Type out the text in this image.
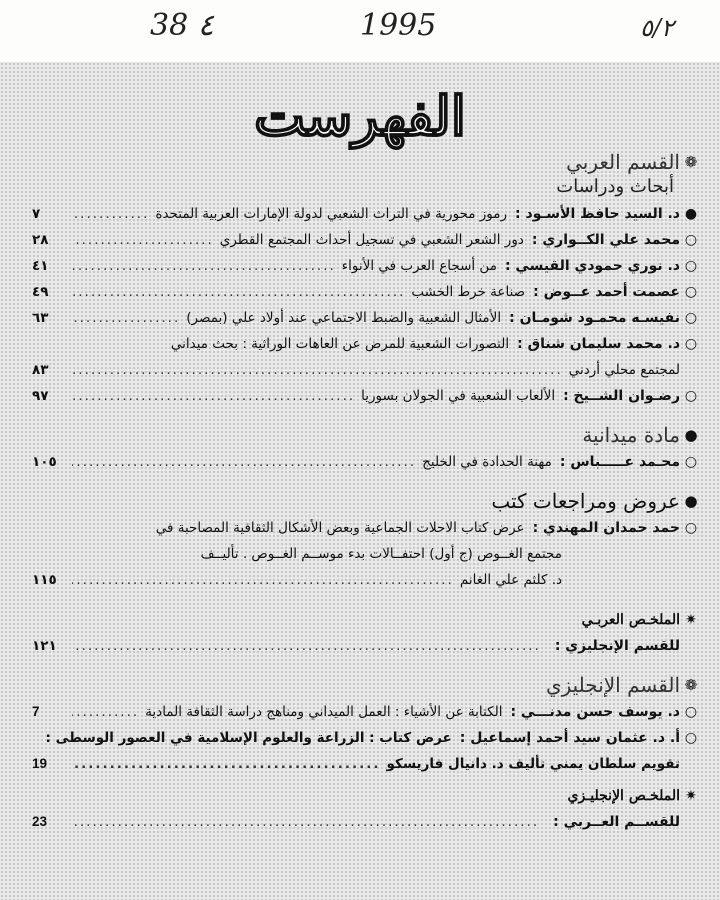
38 ٤	1995	٥/٢
الفهرست
❁
القسم العربي
أبحاث ودراسات
●
د. السيد حافظ الأسـود :
رموز محورية في التراث الشعبي لدولة الإمارات العربية المتحدة
.....
٧
○
محمد علي الكــواري :
دور الشعر الشعبي في تسجيل أحداث المجتمع القطري
.....
٢٨
○
د. نوري حمودي القيسي :
من أسجاع العرب في الأنواء
.....
٤١
○
عصمت أحمد عــوض :
صناعة خرط الخشب
.....
٤٩
○
نفيسـه محمـود شومـان :
الأمثال الشعبية والضبط الاجتماعي عند أولاد علي (بمصر)
.....
٦٣
○
د. محمد سليمان شناق :
التصورات الشعبية للمرض عن العاهات الوراثية : بحث ميداني
لمجتمع محلي أردني
.....
٨٣
○
رضـوان الشــيخ :
الألعاب الشعبية في الجولان بسوريا
.....
٩٧
●
مادة ميدانية
○
محـمد عـــــباس :
مهنة الحدادة في الخليج
.....
١٠٥
●
عروض ومراجعات كتب
○
حمد حمدان المهندي :
عرض كتاب الاحلات الجماعية وبعض الأشكال الثقافية المصاحبة في
مجتمع الغــوص (ج أول) احتفــالات بدء موســم الغــوص . تأليــف
د. كلثم علي الغانم
.....
١١٥
✷
الملخـص العربـي
للقسم الإنجليزي :
.....
١٢١
❁
القسم الإنجليزي
○
د. يوسف حسن مدنـــي :
الكتابة عن الأشياء : العمل الميداني ومناهج دراسة الثقافة المادية
.....
7
○
أ. د. عثمان سيد أحمد إسماعيل :
عرض كتاب : الزراعة والعلوم الإسلامية في العصور الوسطى :
تقويم سلطان يمني تأليف د. دانيال فاريسكو
.....
19
✷
الملخـص الإنجليـزي
للقســم العــربي :
.....
23
